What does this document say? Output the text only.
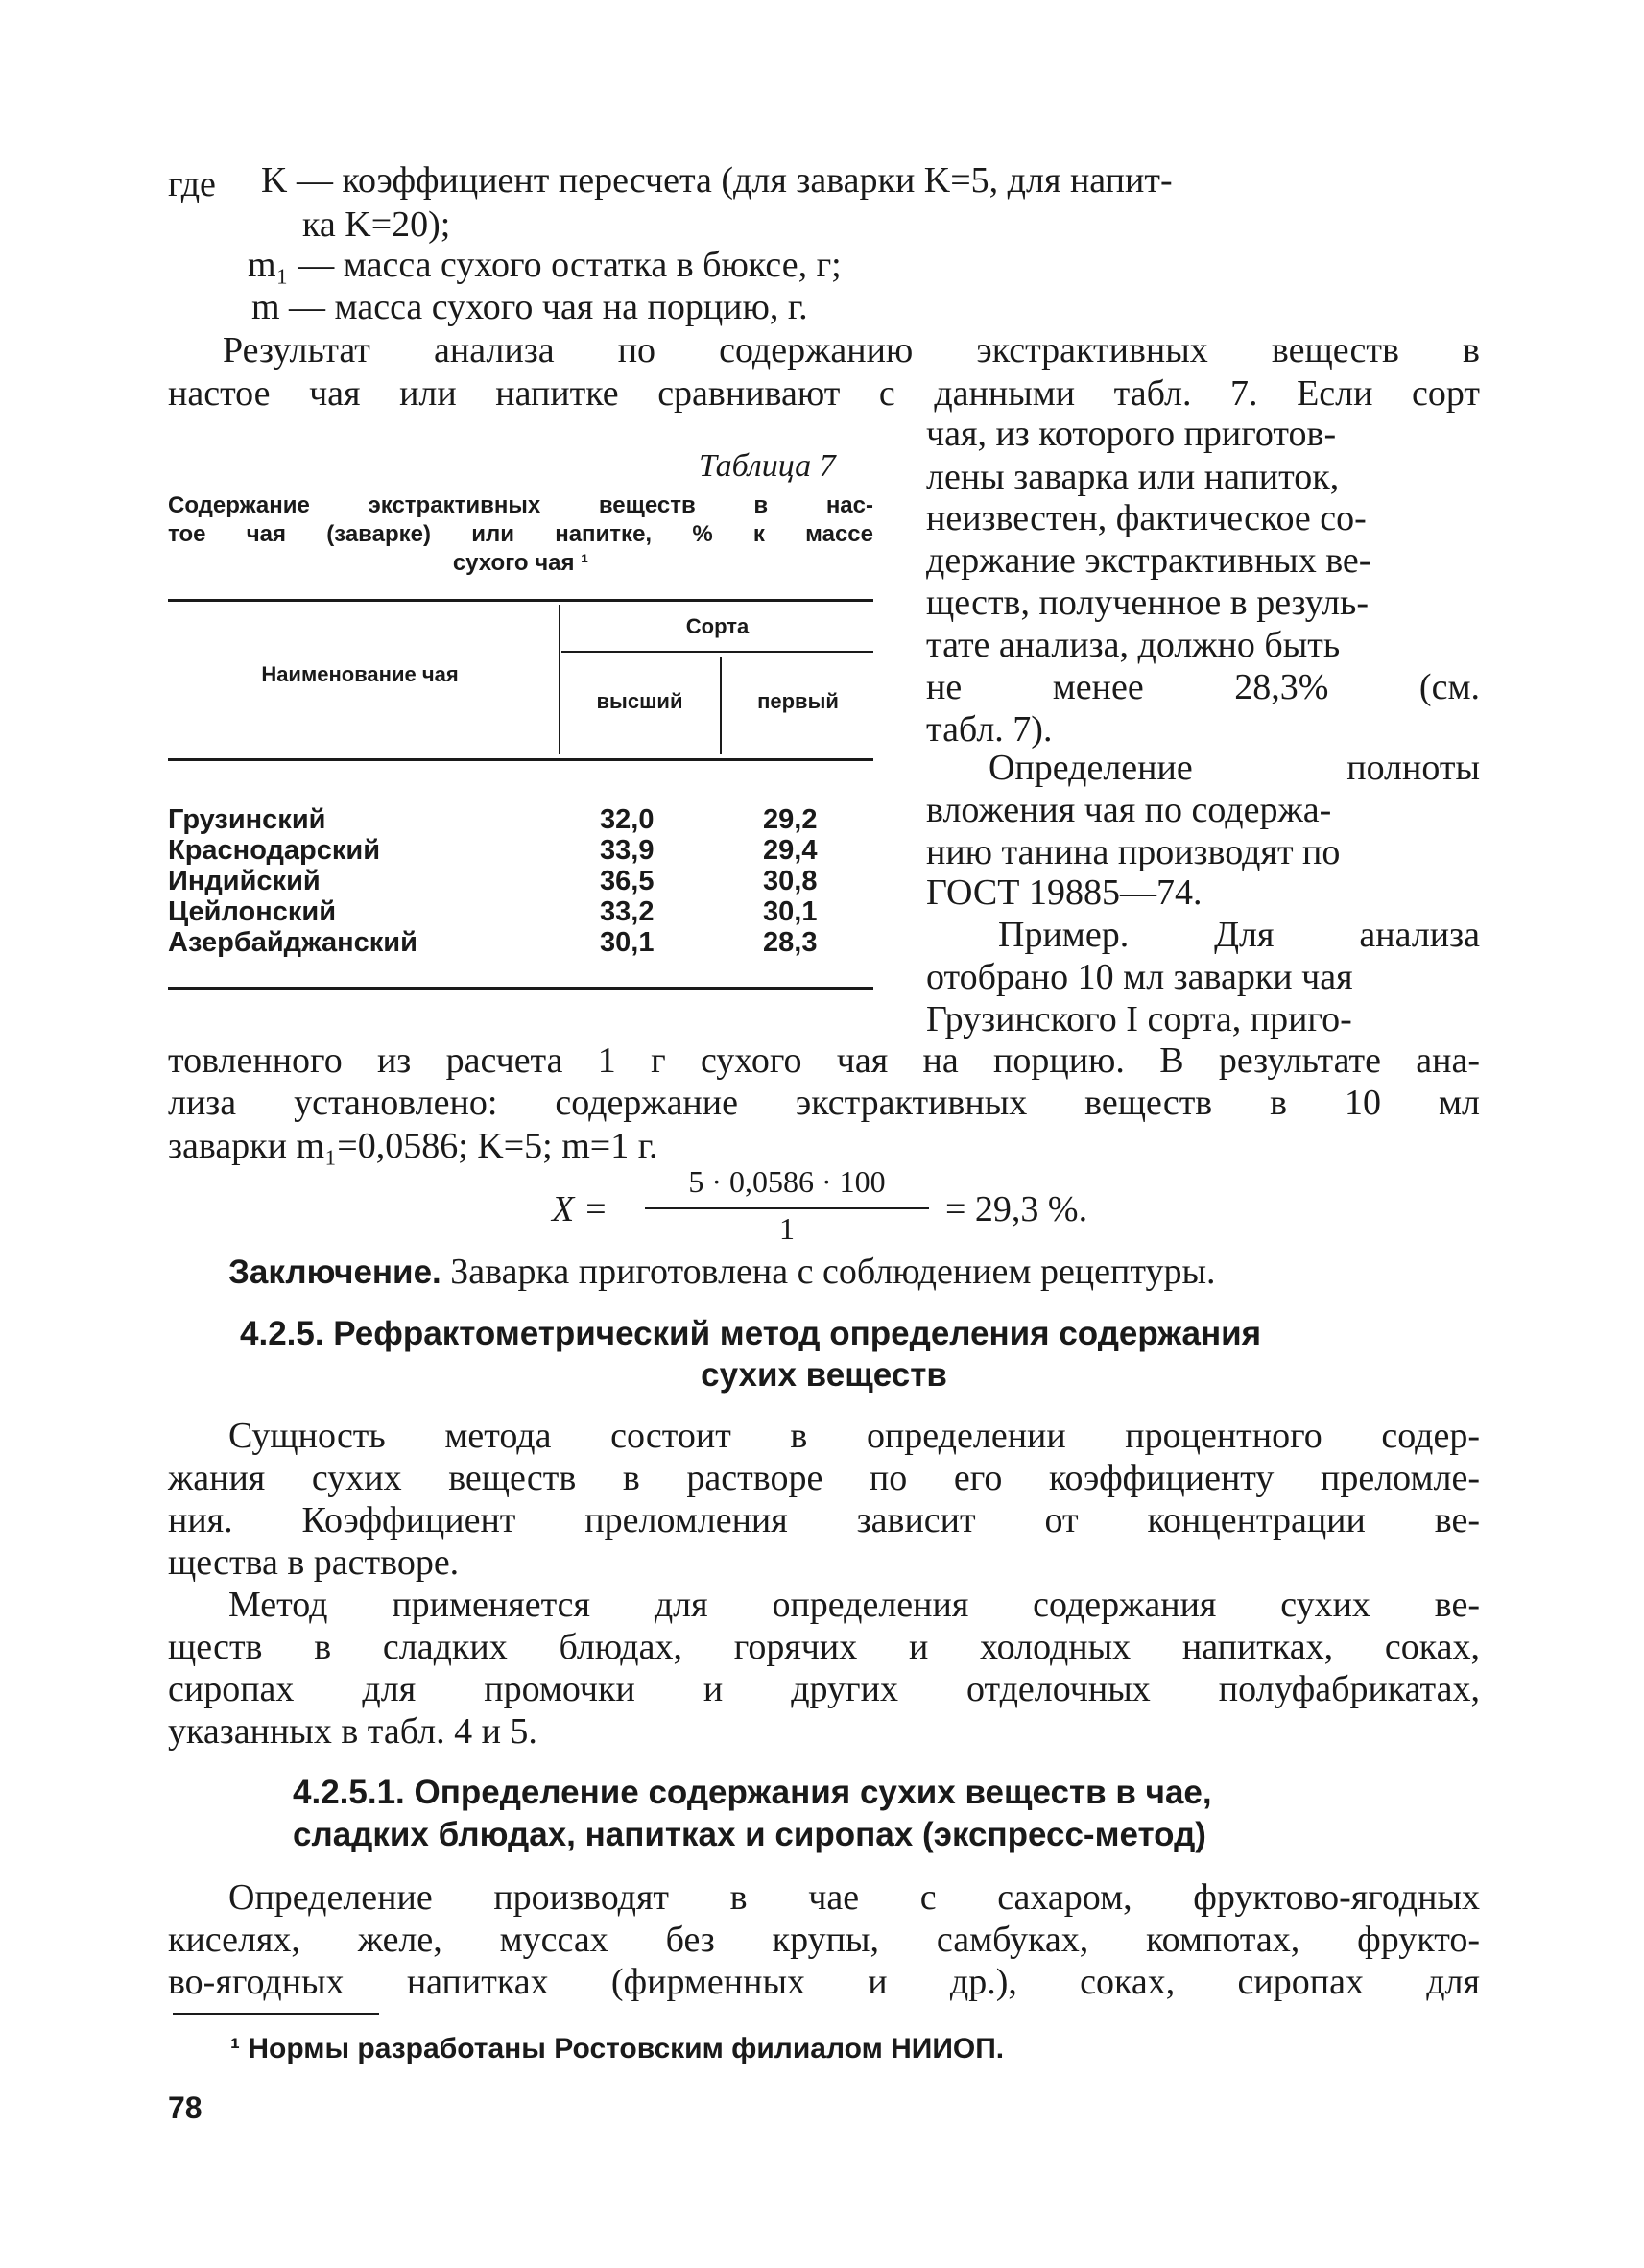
где K — коэффициент пересчета (для заварки K=5, для напит-
ка K=20);
m₁ — масса сухого остатка в бюксе, г;
m — масса сухого чая на порцию, г.
Результат анализа по содержанию экстрактивных веществ в
настое чая или напитке сравнивают с данными табл. 7. Если сорт
чая, из которого приготов-
лены заварка или напиток,
неизвестен, фактическое со-
держание экстрактивных ве-
ществ, полученное в резуль-
тате анализа, должно быть
не менее 28,3% (см.
табл. 7).
Определение полноты
вложения чая по содержа-
нию танина производят по
ГОСТ 19885—74.
Пример. Для анализа
отобрано 10 мл заварки чая
Грузинского I сорта, приго-
Таблица 7
Содержание экстрактивных веществ в нас-
тое чая (заварке) или напитке, % к массе
сухого чая ¹
Наименование чая
Сорта
высший	первый
Грузинский	32,0	29,2
Краснодарский	33,9	29,4
Индийский	36,5	30,8
Цейлонский	33,2	30,1
Азербайджанский	30,1	28,3
товленного из расчета 1 г сухого чая на порцию. В результате ана-
лиза установлено: содержание экстрактивных веществ в 10 мл
заварки m₁=0,0586; K=5; m=1 г.
X =
5 · 0,0586 · 100
1	= 29,3 %.
Заключение. Заварка приготовлена с соблюдением рецептуры.
4.2.5. Рефрактометрический метод определения содержания
сухих веществ
Сущность метода состоит в определении процентного содер-
жания сухих веществ в растворе по его коэффициенту преломле-
ния. Коэффициент преломления зависит от концентрации ве-
щества в растворе.
Метод применяется для определения содержания сухих ве-
ществ в сладких блюдах, горячих и холодных напитках, соках,
сиропах для промочки и других отделочных полуфабрикатах,
указанных в табл. 4 и 5.
4.2.5.1. Определение содержания сухих веществ в чае,
сладких блюдах, напитках и сиропах (экспресс-метод)
Определение производят в чае с сахаром, фруктово-ягодных
киселях, желе, муссах без крупы, самбуках, компотах, фрукто-
во-ягодных напитках (фирменных и др.), соках, сиропах для
¹ Нормы разработаны Ростовским филиалом НИИОП.
78
